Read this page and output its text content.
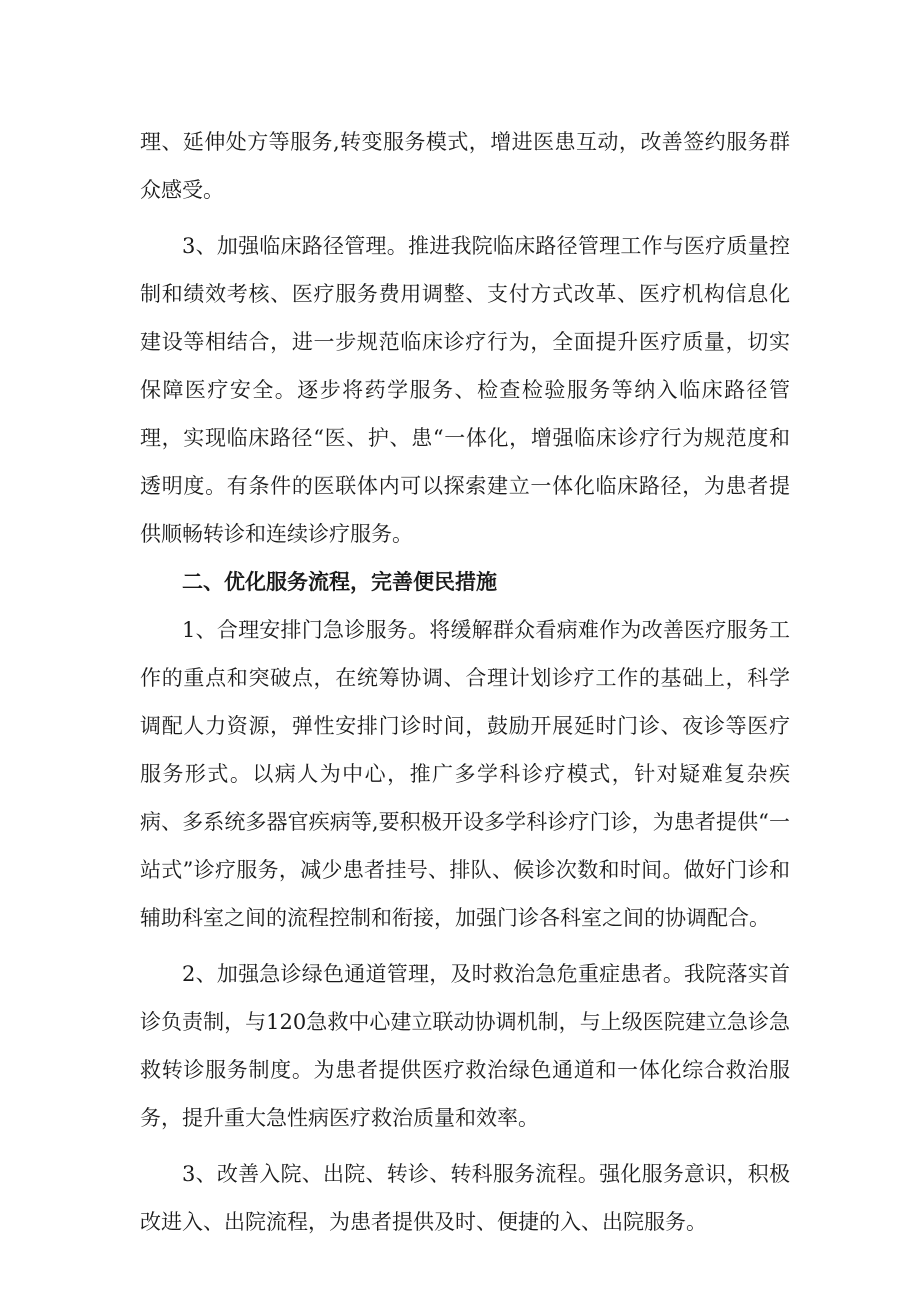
理、延伸处方等服务,转变服务模式，增进医患互动，改善签约服务群众感受。

3、加强临床路径管理。推进我院临床路径管理工作与医疗质量控制和绩效考核、医疗服务费用调整、支付方式改革、医疗机构信息化建设等相结合，进一步规范临床诊疗行为，全面提升医疗质量，切实保障医疗安全。逐步将药学服务、检查检验服务等纳入临床路径管理，实现临床路径“医、护、患“一体化，增强临床诊疗行为规范度和透明度。有条件的医联体内可以探索建立一体化临床路径，为患者提供顺畅转诊和连续诊疗服务。

二、优化服务流程，完善便民措施

1、合理安排门急诊服务。将缓解群众看病难作为改善医疗服务工作的重点和突破点，在统筹协调、合理计划诊疗工作的基础上，科学调配人力资源，弹性安排门诊时间，鼓励开展延时门诊、夜诊等医疗服务形式。以病人为中心，推广多学科诊疗模式，针对疑难复杂疾病、多系统多器官疾病等,要积极开设多学科诊疗门诊，为患者提供“一站式”诊疗服务，减少患者挂号、排队、候诊次数和时间。做好门诊和辅助科室之间的流程控制和衔接，加强门诊各科室之间的协调配合。

2、加强急诊绿色通道管理，及时救治急危重症患者。我院落实首诊负责制，与120急救中心建立联动协调机制，与上级医院建立急诊急救转诊服务制度。为患者提供医疗救治绿色通道和一体化综合救治服务，提升重大急性病医疗救治质量和效率。

3、改善入院、出院、转诊、转科服务流程。强化服务意识，积极改进入、出院流程，为患者提供及时、便捷的入、出院服务。
